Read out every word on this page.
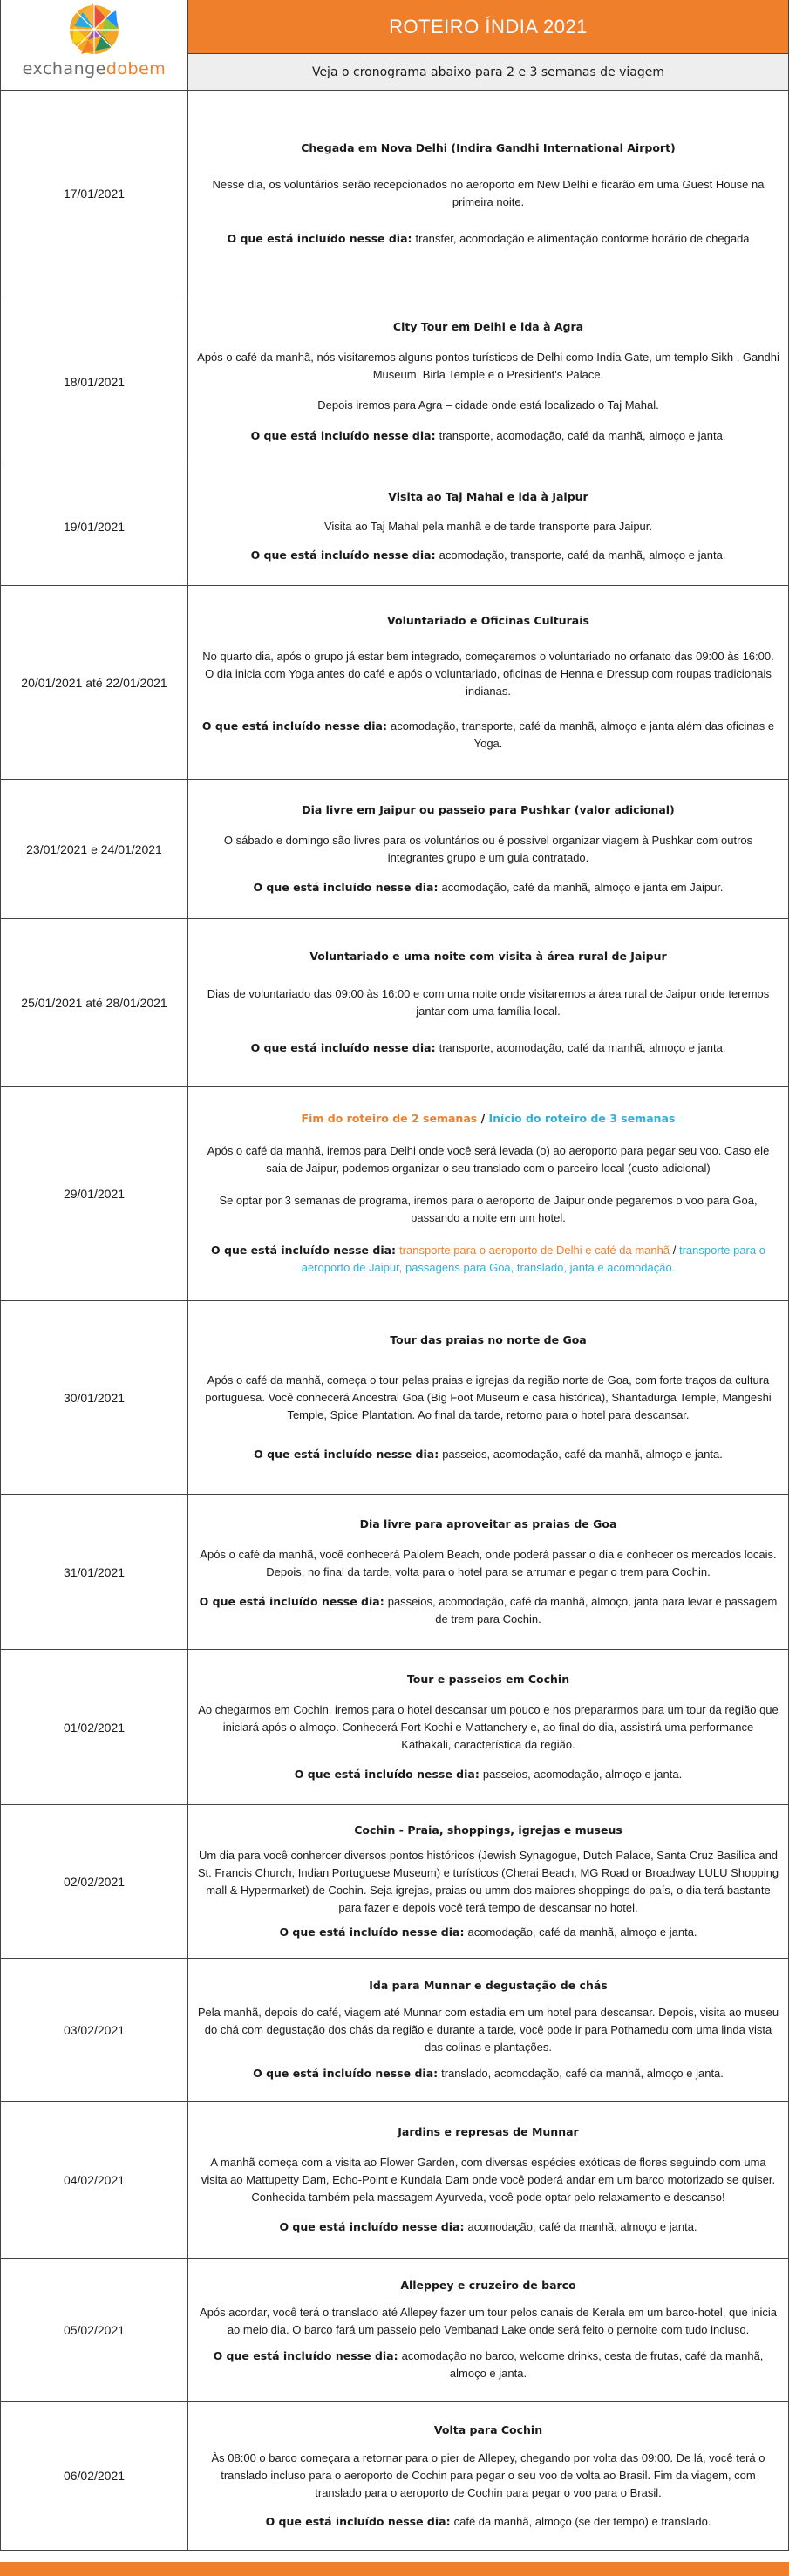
exchangedobem
ROTEIRO ÍNDIA 2021
Veja o cronograma abaixo para 2 e 3 semanas de viagem
17/01/2021

Chegada em Nova Delhi (Indira Gandhi International Airport)

Nesse dia, os voluntários serão recepcionados no aeroporto em New Delhi e ficarão em uma Guest House na primeira noite.

O que está incluído nesse dia: transfer, acomodação e alimentação conforme horário de chegada

18/01/2021

City Tour em Delhi e ida à Agra

Após o café da manhã, nós visitaremos alguns pontos turísticos de Delhi como India Gate, um templo Sikh , Gandhi Museum, Birla Temple e o President's Palace.

Depois iremos para Agra – cidade onde está localizado o Taj Mahal.

O que está incluído nesse dia: transporte, acomodação, café da manhã, almoço e janta.

19/01/2021

Visita ao Taj Mahal e ida à Jaipur

Visita ao Taj Mahal pela manhã e de tarde transporte para Jaipur.

O que está incluído nesse dia: acomodação, transporte, café da manhã, almoço e janta.

20/01/2021 até 22/01/2021

Voluntariado e Oficinas Culturais

No quarto dia, após o grupo já estar bem integrado, começaremos o voluntariado no orfanato das 09:00 às 16:00. O dia inicia com Yoga antes do café e após o voluntariado, oficinas de Henna e Dressup com roupas tradicionais indianas.

O que está incluído nesse dia: acomodação, transporte, café da manhã, almoço e janta além das oficinas e Yoga.

23/01/2021 e 24/01/2021

Dia livre em Jaipur ou passeio para Pushkar (valor adicional)

O sábado e domingo são livres para os voluntários ou é possível organizar viagem à Pushkar com outros integrantes grupo e um guia contratado.

O que está incluído nesse dia: acomodação, café da manhã, almoço e janta em Jaipur.

25/01/2021 até 28/01/2021

Voluntariado e uma noite com visita à área rural de Jaipur

Dias de voluntariado das 09:00 às 16:00 e com uma noite onde visitaremos a área rural de Jaipur onde teremos jantar com uma família local.

O que está incluído nesse dia: transporte, acomodação, café da manhã, almoço e janta.

29/01/2021

Fim do roteiro de 2 semanas / Início do roteiro de 3 semanas

Após o café da manhã, iremos para Delhi onde você será levada (o) ao aeroporto para pegar seu voo. Caso ele saia de Jaipur, podemos organizar o seu translado com o parceiro local (custo adicional)

Se optar por 3 semanas de programa, iremos para o aeroporto de Jaipur onde pegaremos o voo para Goa, passando a noite em um hotel.

O que está incluído nesse dia: transporte para o aeroporto de Delhi e café da manhã / transporte para o aeroporto de Jaipur, passagens para Goa, translado, janta e acomodação.

30/01/2021

Tour das praias no norte de Goa

Após o café da manhã, começa o tour pelas praias e igrejas da região norte de Goa, com forte traços da cultura portuguesa. Você conhecerá Ancestral Goa (Big Foot Museum e casa histórica), Shantadurga Temple, Mangeshi Temple, Spice Plantation. Ao final da tarde, retorno para o hotel para descansar.

O que está incluído nesse dia: passeios, acomodação, café da manhã, almoço e janta.

31/01/2021

Dia livre para aproveitar as praias de Goa

Após o café da manhã, você conhecerá Palolem Beach, onde poderá passar o dia e conhecer os mercados locais. Depois, no final da tarde, volta para o hotel para se arrumar e pegar o trem para Cochin.

O que está incluído nesse dia: passeios, acomodação, café da manhã, almoço, janta para levar e passagem de trem para Cochin.

01/02/2021

Tour e passeios em Cochin

Ao chegarmos em Cochin, iremos para o hotel descansar um pouco e nos prepararmos para um tour da região que iniciará após o almoço. Conhecerá Fort Kochi e Mattanchery e, ao final do dia, assistirá uma performance Kathakali, característica da região.

O que está incluído nesse dia: passeios, acomodação, almoço e janta.

02/02/2021

Cochin - Praia, shoppings, igrejas e museus

Um dia para você conhercer diversos pontos históricos (Jewish Synagogue, Dutch Palace, Santa Cruz Basilica and St. Francis Church, Indian Portuguese Museum) e turísticos (Cherai Beach, MG Road or Broadway LULU Shopping mall & Hypermarket) de Cochin. Seja igrejas, praias ou umm dos maiores shoppings do país, o dia terá bastante para fazer e depois você terá tempo de descansar no hotel.

O que está incluído nesse dia: acomodação, café da manhã, almoço e janta.

03/02/2021

Ida para Munnar e degustação de chás

Pela manhã, depois do café, viagem até Munnar com estadia em um hotel para descansar. Depois, visita ao museu do chá com degustação dos chás da região e durante a tarde, você pode ir para Pothamedu com uma linda vista das colinas e plantações.

O que está incluído nesse dia: translado, acomodação, café da manhã, almoço e janta.

04/02/2021

Jardins e represas de Munnar

A manhã começa com a visita ao Flower Garden, com diversas espécies exóticas de flores seguindo com uma visita ao Mattupetty Dam, Echo-Point e Kundala Dam onde você poderá andar em um barco motorizado se quiser. Conhecida também pela massagem Ayurveda, você pode optar pelo relaxamento e descanso!

O que está incluído nesse dia: acomodação, café da manhã, almoço e janta.

05/02/2021

Alleppey e cruzeiro de barco

Após acordar, você terá o translado até Allepey fazer um tour pelos canais de Kerala em um barco-hotel, que inicia ao meio dia. O barco fará um passeio pelo Vembanad Lake onde será feito o pernoite com tudo incluso.

O que está incluído nesse dia: acomodação no barco, welcome drinks, cesta de frutas, café da manhã, almoço e janta.

06/02/2021

Volta para Cochin

Às 08:00 o barco começara a retornar para o pier de Allepey, chegando por volta das 09:00. De lá, você terá o translado incluso para o aeroporto de Cochin para pegar o seu voo de volta ao Brasil. Fim da viagem, com translado para o aeroporto de Cochin para pegar o voo para o Brasil.

O que está incluído nesse dia: café da manhã, almoço (se der tempo) e translado.
